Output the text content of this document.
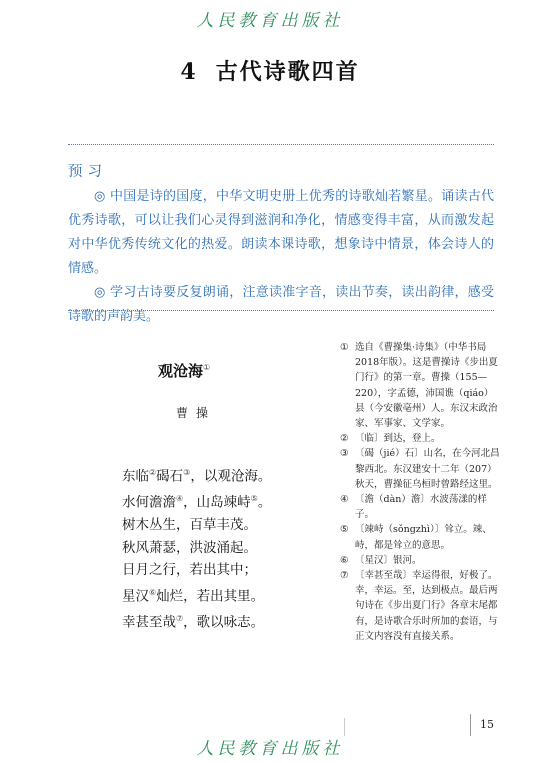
人民教育出版社
4 古代诗歌四首
预习

◎ 中国是诗的国度，中华文明史册上优秀的诗歌灿若繁星。诵读古代优秀诗歌，可以让我们心灵得到滋润和净化，情感变得丰富，从而激发起对中华优秀传统文化的热爱。朗读本课诗歌，想象诗中情景，体会诗人的情感。

◎ 学习古诗要反复朗诵，注意读准字音，读出节奏，读出韵律，感受诗歌的声韵美。

观沧海①
曹操
东临②碣石③，以观沧海。
水何澹澹④，山岛竦峙⑤。
树木丛生，百草丰茂。
秋风萧瑟，洪波涌起。
日月之行，若出其中；
星汉⑥灿烂，若出其里。
幸甚至哉⑦，歌以咏志。
① 选自《曹操集·诗集》（中华书局2018年版）。这是曹操诗《步出夏门行》的第一章。曹操（155—220），字孟德，沛国谯（qiáo）县（今安徽亳州）人。东汉末政治家、军事家、文学家。
② 〔临〕到达，登上。
③ 〔碣（jié）石〕山名，在今河北昌黎西北。东汉建安十二年（207）秋天，曹操征乌桓时曾路经这里。
④ 〔澹（dàn）澹〕水波荡漾的样子。
⑤ 〔竦峙（sǒngzhì）〕耸立。竦、峙，都是耸立的意思。
⑥ 〔星汉〕银河。
⑦ 〔幸甚至哉〕幸运得很，好极了。幸，幸运。至，达到极点。最后两句诗在《步出夏门行》各章末尾都有，是诗歌合乐时所加的套语，与正文内容没有直接关系。
15
人民教育出版社
